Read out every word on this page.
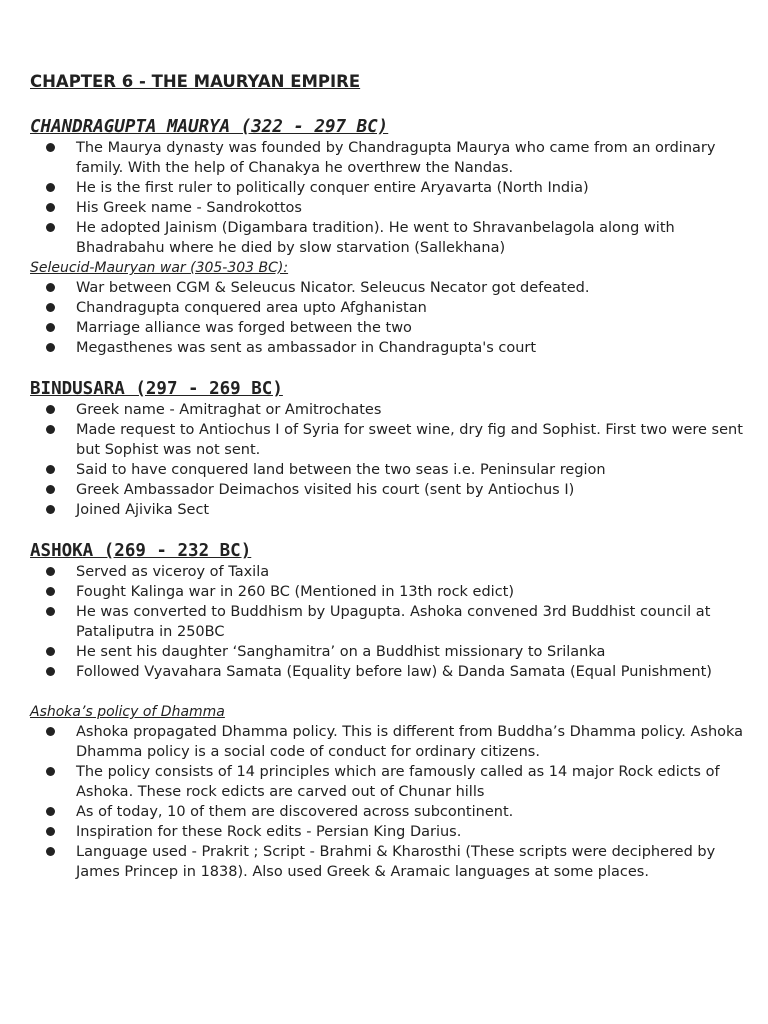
CHAPTER 6 - THE MAURYAN EMPIRE
CHANDRAGUPTA MAURYA (322 - 297 BC)
The Maurya dynasty was founded by Chandragupta Maurya who came from an ordinary family. With the help of Chanakya he overthrew the Nandas.
He is the first ruler to politically conquer entire Aryavarta (North India)
His Greek name - Sandrokottos
He adopted Jainism (Digambara tradition). He went to Shravanbelagola along with Bhadrabahu where he died by slow starvation (Sallekhana)
Seleucid-Mauryan war (305-303 BC):
War between CGM & Seleucus Nicator. Seleucus Necator got defeated.
Chandragupta conquered area upto Afghanistan
Marriage alliance was forged between the two
Megasthenes was sent as ambassador in Chandragupta's court
BINDUSARA (297 - 269 BC)
Greek name - Amitraghat or Amitrochates
Made request to Antiochus I of Syria for sweet wine, dry fig and Sophist. First two were sent but Sophist was not sent.
Said to have conquered land between the two seas i.e. Peninsular region
Greek Ambassador Deimachos visited his court (sent by Antiochus I)
Joined Ajivika Sect
ASHOKA (269 - 232 BC)
Served as viceroy of Taxila
Fought Kalinga war in 260 BC (Mentioned in 13th rock edict)
He was converted to Buddhism by Upagupta. Ashoka convened 3rd Buddhist council at Pataliputra in 250BC
He sent his daughter ‘Sanghamitra’ on a Buddhist missionary to Srilanka
Followed Vyavahara Samata (Equality before law) & Danda Samata (Equal Punishment)
Ashoka’s policy of Dhamma
Ashoka propagated Dhamma policy. This is different from Buddha’s Dhamma policy. Ashoka Dhamma policy is a social code of conduct for ordinary citizens.
The policy consists of 14 principles which are famously called as 14 major Rock edicts of Ashoka. These rock edicts are carved out of Chunar hills
As of today, 10 of them are discovered across subcontinent.
Inspiration for these Rock edits - Persian King Darius.
Language used - Prakrit ; Script - Brahmi & Kharosthi (These scripts were deciphered by James Princep in 1838). Also used Greek & Aramaic languages at some places.
